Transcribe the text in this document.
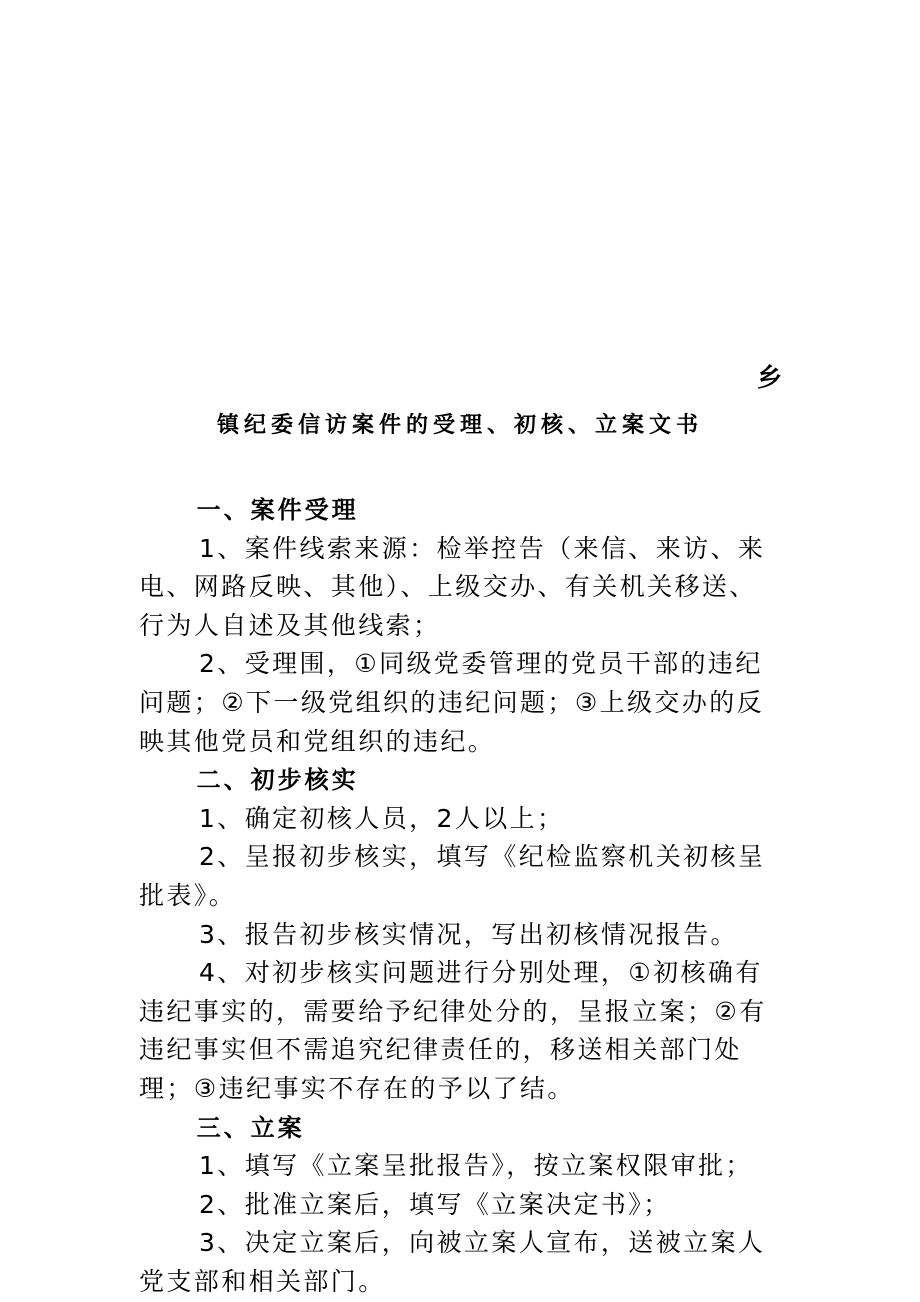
乡
镇纪委信访案件的受理、初核、立案文书
一、案件受理

1、案件线索来源：检举控告（来信、来访、来电、网路反映、其他）、上级交办、有关机关移送、行为人自述及其他线索；

2、受理围，①同级党委管理的党员干部的违纪问题；②下一级党组织的违纪问题；③上级交办的反映其他党员和党组织的违纪。

二、初步核实

1、确定初核人员，2人以上；

2、呈报初步核实，填写《纪检监察机关初核呈批表》。

3、报告初步核实情况，写出初核情况报告。

4、对初步核实问题进行分别处理，①初核确有违纪事实的，需要给予纪律处分的，呈报立案；②有违纪事实但不需追究纪律责任的，移送相关部门处理；③违纪事实不存在的予以了结。

三、立案

1、填写《立案呈批报告》，按立案权限审批；

2、批准立案后，填写《立案决定书》；

3、决定立案后，向被立案人宣布，送被立案人党支部和相关部门。
